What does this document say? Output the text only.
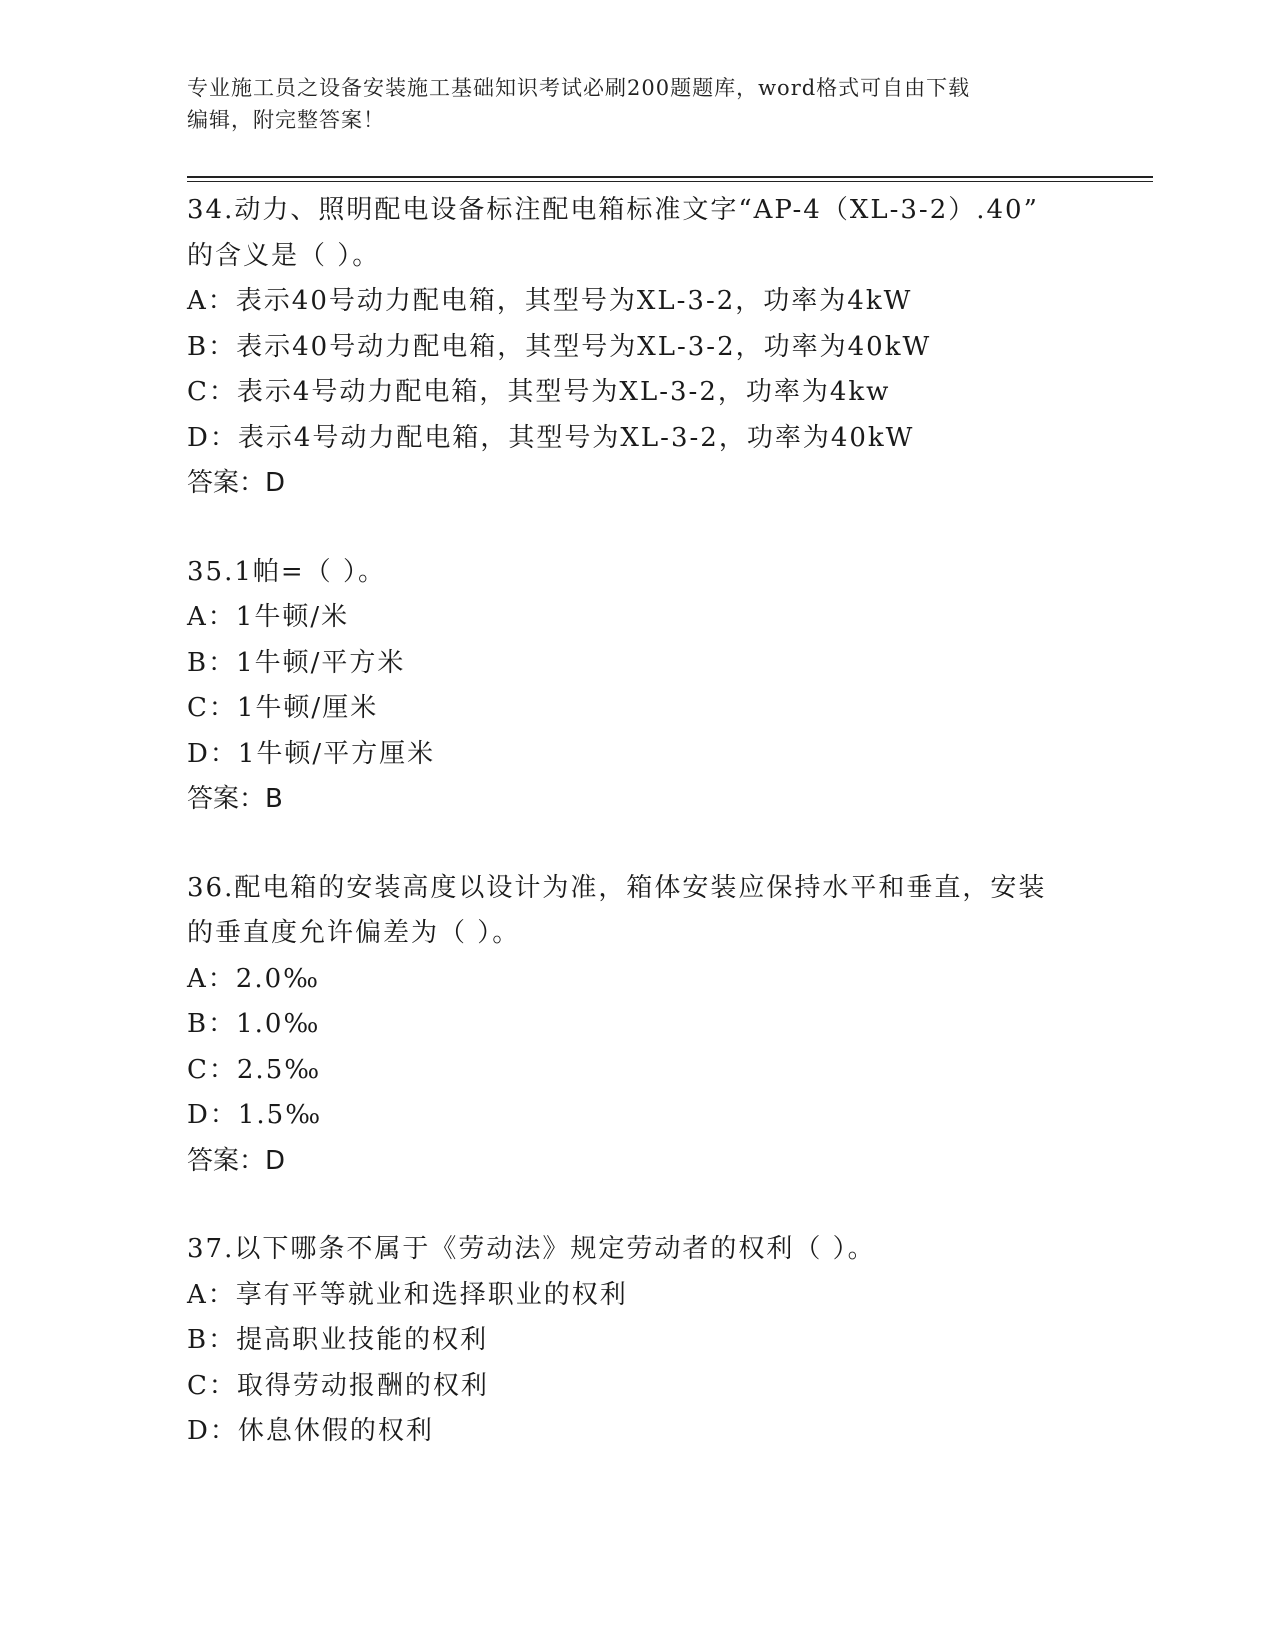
专业施工员之设备安装施工基础知识考试必刷200题题库，word格式可自由下载
编辑，附完整答案！
34.动力、照明配电设备标注配电箱标准文字“AP-4（XL-3-2）.40”
的含义是（ ）。
A：表示40号动力配电箱，其型号为XL-3-2，功率为4kW
B：表示40号动力配电箱，其型号为XL-3-2，功率为40kW
C：表示4号动力配电箱，其型号为XL-3-2，功率为4kw
D：表示4号动力配电箱，其型号为XL-3-2，功率为40kW
答案：D
35.1帕=（ ）。
A：1牛顿/米
B：1牛顿/平方米
C：1牛顿/厘米
D：1牛顿/平方厘米
答案：B
36.配电箱的安装高度以设计为准，箱体安装应保持水平和垂直，安装
的垂直度允许偏差为（ ）。
A：2.0‰
B：1.0‰
C：2.5‰
D：1.5‰
答案：D
37.以下哪条不属于《劳动法》规定劳动者的权利（ ）。
A：享有平等就业和选择职业的权利
B：提高职业技能的权利
C：取得劳动报酬的权利
D：休息休假的权利
